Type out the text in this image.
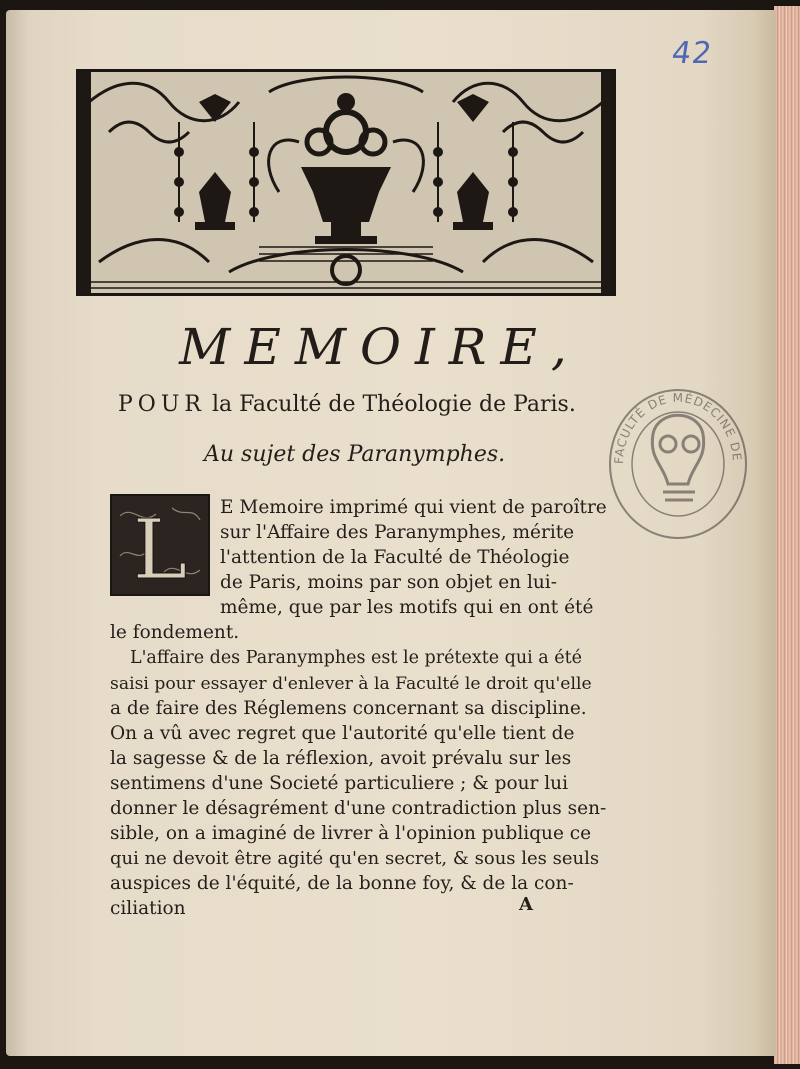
42
MEMOIRE,
POUR la Faculté de Théologie de Paris.
Au sujet des Paranymphes.
L E Memoire imprimé qui vient de paroître
sur l'Affaire des Paranymphes, mérite
l'attention de la Faculté de Théologie
de Paris, moins par son objet en lui-
même, que par les motifs qui en ont été
le fondement.
L'affaire des Paranymphes est le prétexte qui a été
saisi pour essayer d'enlever à la Faculté le droit qu'elle
a de faire des Réglemens concernant sa discipline.
On a vû avec regret que l'autorité qu'elle tient de
la sagesse & de la réflexion, avoit prévalu sur les
sentimens d'une Societé particuliere ; & pour lui
donner le désagrément d'une contradiction plus sen-
sible, on a imaginé de livrer à l'opinion publique ce
qui ne devoit être agité qu'en secret, & sous les seuls
auspices de l'équité, de la bonne foy, & de la con-
ciliation	A
FACULTÉ DE MÉDECINE DE
